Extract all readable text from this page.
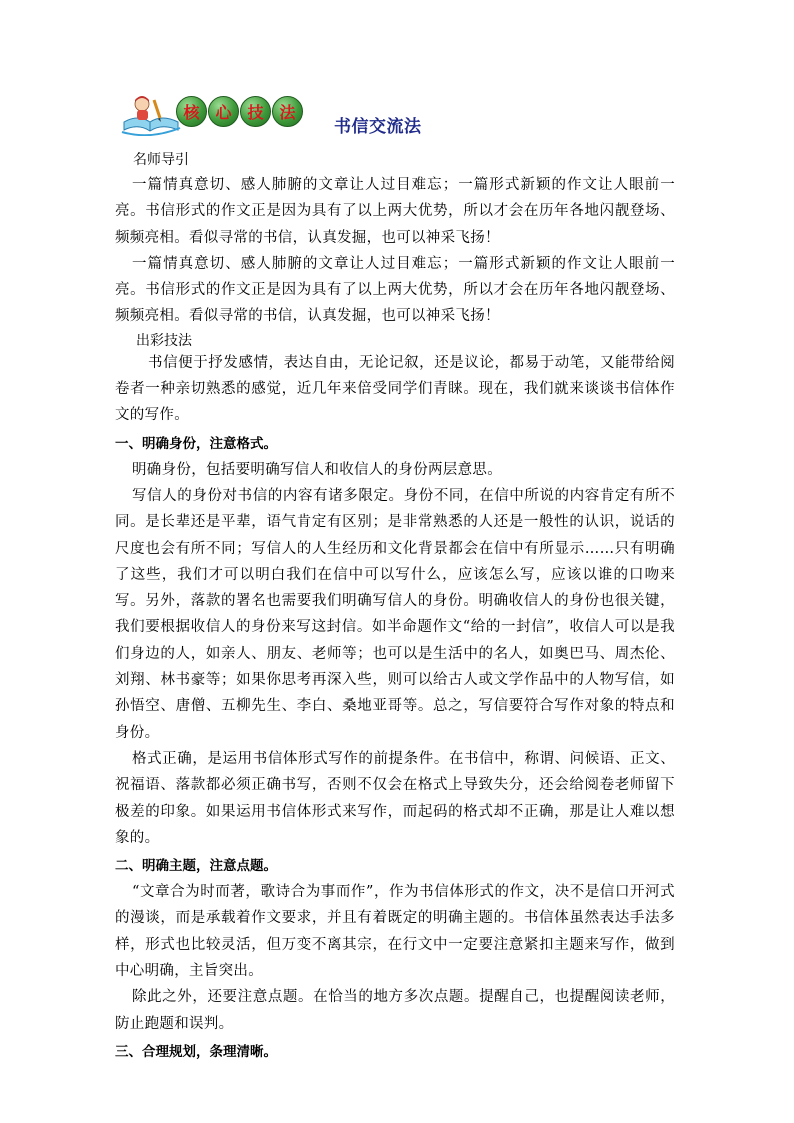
核 心 技 法
书信交流法

名师导引

一篇情真意切、感人肺腑的文章让人过目难忘；一篇形式新颖的作文让人眼前一亮。书信形式的作文正是因为具有了以上两大优势，所以才会在历年各地闪靓登场、频频亮相。看似寻常的书信，认真发掘，也可以神采飞扬！

一篇情真意切、感人肺腑的文章让人过目难忘；一篇形式新颖的作文让人眼前一亮。书信形式的作文正是因为具有了以上两大优势，所以才会在历年各地闪靓登场、频频亮相。看似寻常的书信，认真发掘，也可以神采飞扬！

出彩技法

书信便于抒发感情，表达自由，无论记叙，还是议论，都易于动笔，又能带给阅卷者一种亲切熟悉的感觉，近几年来倍受同学们青睐。现在，我们就来谈谈书信体作文的写作。

一、明确身份，注意格式。

明确身份，包括要明确写信人和收信人的身份两层意思。

写信人的身份对书信的内容有诸多限定。身份不同，在信中所说的内容肯定有所不同。是长辈还是平辈，语气肯定有区别；是非常熟悉的人还是一般性的认识，说话的尺度也会有所不同；写信人的人生经历和文化背景都会在信中有所显示……只有明确了这些，我们才可以明白我们在信中可以写什么，应该怎么写，应该以谁的口吻来写。另外，落款的署名也需要我们明确写信人的身份。明确收信人的身份也很关键，我们要根据收信人的身份来写这封信。如半命题作文“给的一封信”，收信人可以是我们身边的人，如亲人、朋友、老师等；也可以是生活中的名人，如奥巴马、周杰伦、刘翔、林书豪等；如果你思考再深入些，则可以给古人或文学作品中的人物写信，如孙悟空、唐僧、五柳先生、李白、桑地亚哥等。总之，写信要符合写作对象的特点和身份。

格式正确，是运用书信体形式写作的前提条件。在书信中，称谓、问候语、正文、祝福语、落款都必须正确书写，否则不仅会在格式上导致失分，还会给阅卷老师留下极差的印象。如果运用书信体形式来写作，而起码的格式却不正确，那是让人难以想象的。

二、明确主题，注意点题。

“文章合为时而著，歌诗合为事而作”，作为书信体形式的作文，决不是信口开河式的漫谈，而是承载着作文要求，并且有着既定的明确主题的。书信体虽然表达手法多样，形式也比较灵活，但万变不离其宗，在行文中一定要注意紧扣主题来写作，做到中心明确，主旨突出。

除此之外，还要注意点题。在恰当的地方多次点题。提醒自己，也提醒阅读老师，防止跑题和误判。

三、合理规划，条理清晰。
